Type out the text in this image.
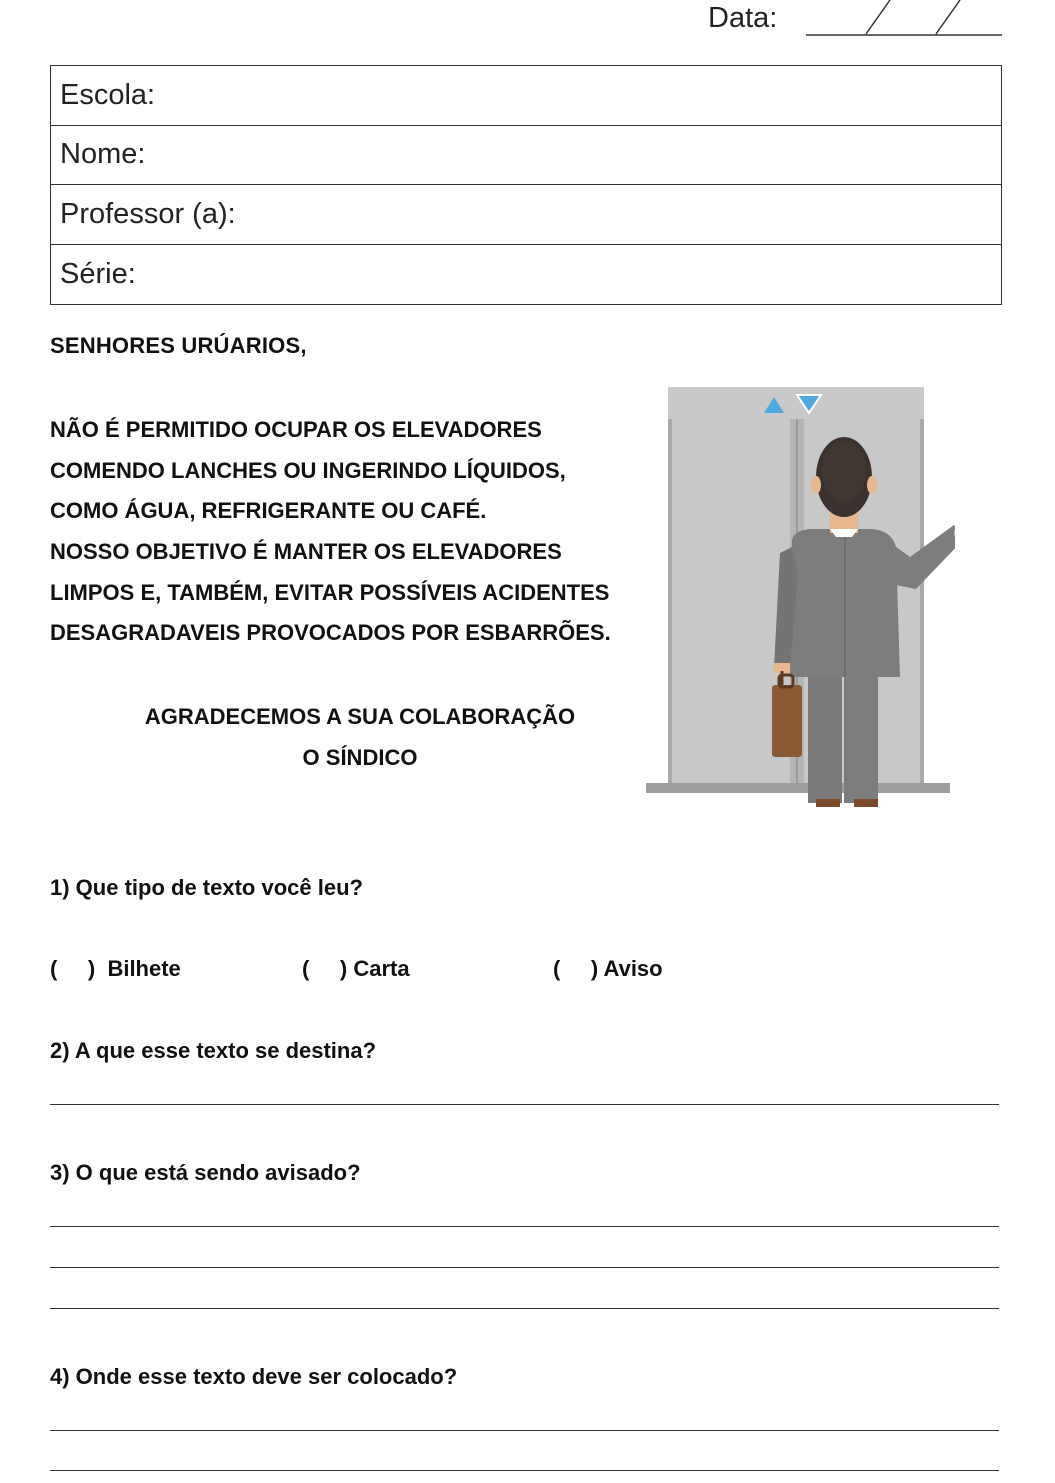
Data:
Escola:
Nome:
Professor (a):
Série:
SENHORES URÚARIOS,
NÃO É PERMITIDO OCUPAR OS ELEVADORES
COMENDO LANCHES OU INGERINDO LÍQUIDOS,
COMO ÁGUA, REFRIGERANTE OU CAFÉ.
NOSSO OBJETIVO É MANTER OS ELEVADORES
LIMPOS E, TAMBÉM, EVITAR POSSÍVEIS ACIDENTES
DESAGRADAVEIS PROVOCADOS POR ESBARRÕES.
AGRADECEMOS A SUA COLABORAÇÃO
O SÍNDICO
1) Que tipo de texto você leu?
(     )  Bilhete	(     ) Carta	(     ) Aviso
2) A que esse texto se destina?
3) O que está sendo avisado?
4) Onde esse texto deve ser colocado?
